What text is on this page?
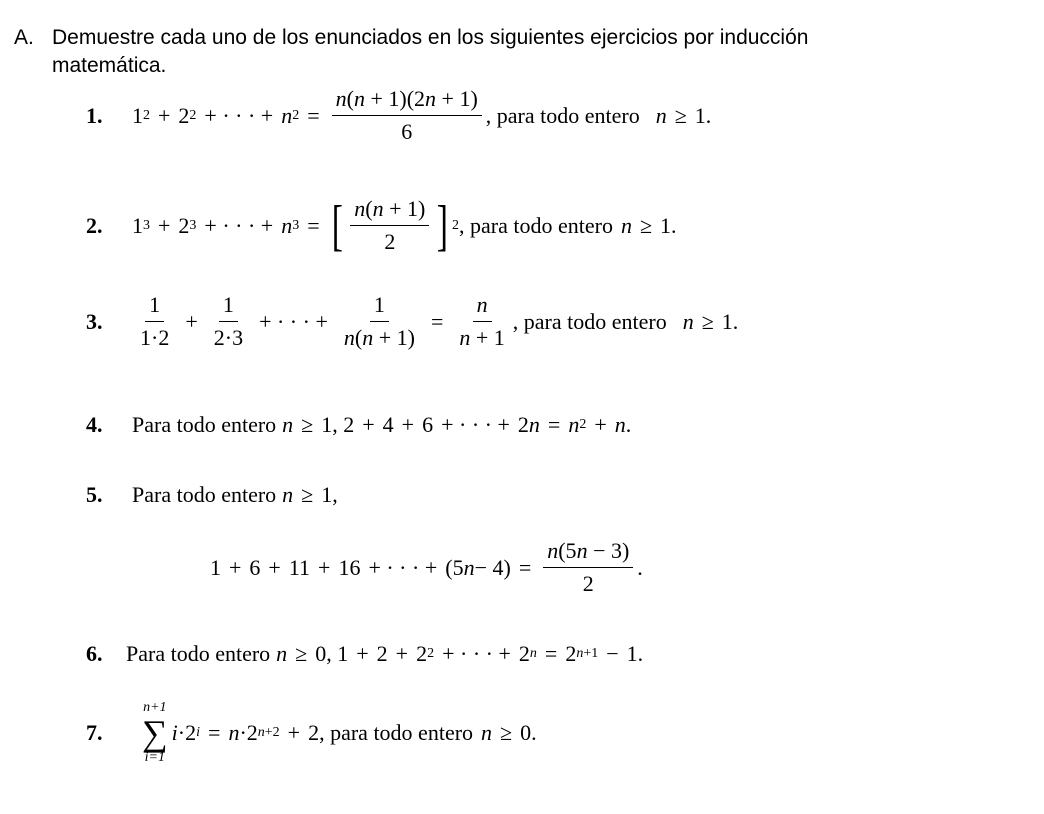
A. Demuestre cada uno de los enunciados en los siguientes ejercicios por inducción
matemática.
1.	1 2 + 2 2 + · · · + n $2 = \frac{n(n + 1)(2n + 1)}{6}$ , para todo entero n ≥ 1.
2.	1 3 + 2 3 + · · · + n 3 = [ $\frac{n(n + 1)}{2}$ ] 2 , para todo entero n ≥ 1.
3.	$\frac{1}{1\cdot 2} + \frac{1}{2\cdot 3}$ + · · · + $\frac{1}{n(n + 1)} = \frac{n}{n + 1}$ , para todo entero n ≥ 1.
4.	Para todo entero n ≥ 1, 2 + 4 + 6 + · · · + 2 n = n 2 + n .
5.	Para todo entero n ≥ 1,
1 + 6 + 11 + 16 + · · · + (5 $n - 4) = \frac{n(5n - 3)}{2}$ .
6.	Para todo entero n ≥ 0, 1 + 2 + 2 2 + · · · + 2 n = 2 n+1 − 1.
7.
n+1
∑
i=1
i ·2 i = n ·2 n+2 + 2 , para todo entero n ≥ 0.
